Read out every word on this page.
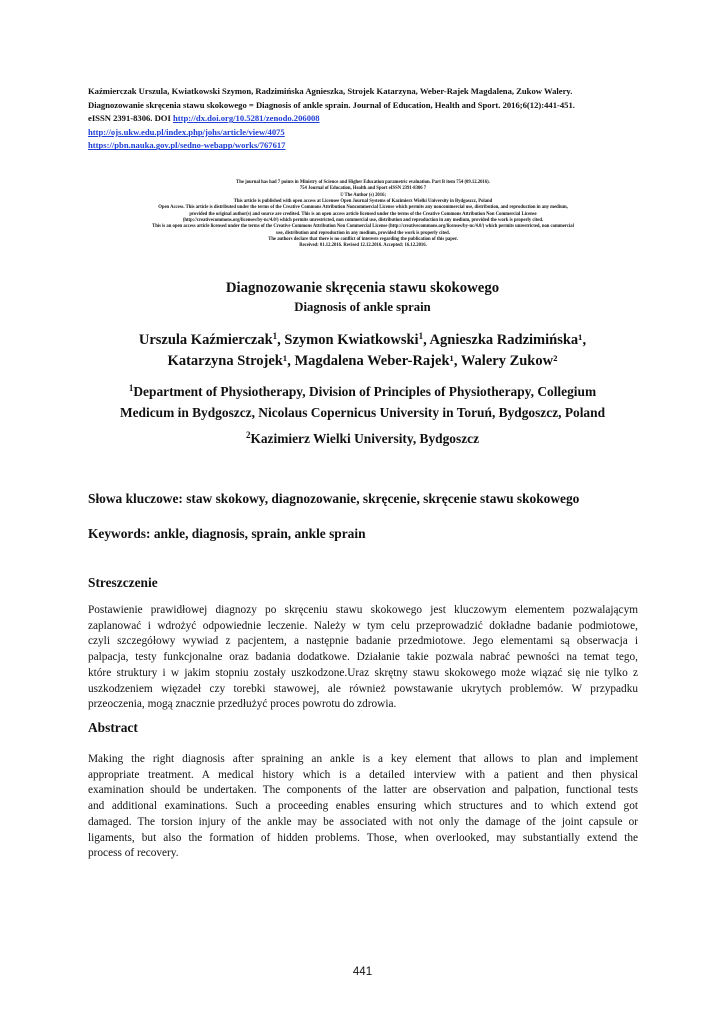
Kaźmierczak Urszula, Kwiatkowski Szymon, Radzimińska Agnieszka, Strojek Katarzyna, Weber-Rajek Magdalena, Zukow Walery.
Diagnozowanie skręcenia stawu skokowego = Diagnosis of ankle sprain. Journal of Education, Health and Sport. 2016;6(12):441-451.
eISSN 2391-8306. DOI http://dx.doi.org/10.5281/zenodo.206008
http://ojs.ukw.edu.pl/index.php/johs/article/view/4075
https://pbn.nauka.gov.pl/sedno-webapp/works/767617
The journal has had 7 points in Ministry of Science and Higher Education parametric evaluation. Part B item 754 (09.12.2016).
754 Journal of Education, Health and Sport eISSN 2391-8306 7
© The Author (s) 2016;
This article is published with open access at Licensee Open Journal Systems of Kazimierz Wielki University in Bydgoszcz, Poland
Open Access. This article is distributed under the terms of the Creative Commons Attribution Noncommercial License which permits any noncommercial use, distribution, and reproduction in any medium,
provided the original author(s) and source are credited. This is an open access article licensed under the terms of the Creative Commons Attribution Non Commercial License
(http://creativecommons.org/licenses/by-nc/4.0/) which permits unrestricted, non commercial use, distribution and reproduction in any medium, provided the work is properly cited.
This is an open access article licensed under the terms of the Creative Commons Attribution Non Commercial License (http://creativecommons.org/licenses/by-nc/4.0/) which permits unrestricted, non commercial
use, distribution and reproduction in any medium, provided the work is properly cited.
The authors declare that there is no conflict of interests regarding the publication of this paper.
Received: 01.12.2016. Revised 12.12.2016. Accepted: 16.12.2016.
Diagnozowanie skręcenia stawu skokowego
Diagnosis of ankle sprain
Urszula Kaźmierczak$^1$, Szymon Kwiatkowski$^1$, Agnieszka Radzimińska¹,
Katarzyna Strojek¹, Magdalena Weber-Rajek¹, Walery Zukow²
$^1$Department of Physiotherapy, Division of Principles of Physiotherapy, Collegium
Medicum in Bydgoszcz, Nicolaus Copernicus University in Toruń, Bydgoszcz, Poland
$^2$Kazimierz Wielki University, Bydgoszcz
Słowa kluczowe: staw skokowy, diagnozowanie, skręcenie, skręcenie stawu skokowego
Keywords: ankle, diagnosis, sprain, ankle sprain
Streszczenie
Postawienie prawidłowej diagnozy po skręceniu stawu skokowego jest kluczowym elementem pozwalającym
zaplanować i wdrożyć odpowiednie leczenie. Należy w tym celu przeprowadzić dokładne badanie podmiotowe,
czyli szczegółowy wywiad z pacjentem, a następnie badanie przedmiotowe. Jego elementami są obserwacja i
palpacja, testy funkcjonalne oraz badania dodatkowe. Działanie takie pozwala nabrać pewności na temat tego,
które struktury i w jakim stopniu zostały uszkodzone.Uraz skrętny stawu skokowego może wiązać się nie tylko z
uszkodzeniem więzadeł czy torebki stawowej, ale również powstawanie ukrytych problemów. W przypadku
przeoczenia, mogą znacznie przedłużyć proces powrotu do zdrowia.
Abstract
Making the right diagnosis after spraining an ankle is a key element that allows to plan and implement
appropriate treatment. A medical history which is a detailed interview with a patient and then physical
examination should be undertaken. The components of the latter are observation and palpation, functional tests
and additional examinations. Such a proceeding enables ensuring which structures and to which extend got
damaged. The torsion injury of the ankle may be associated with not only the damage of the joint capsule or
ligaments, but also the formation of hidden problems. Those, when overlooked, may substantially extend the
process of recovery.
441
